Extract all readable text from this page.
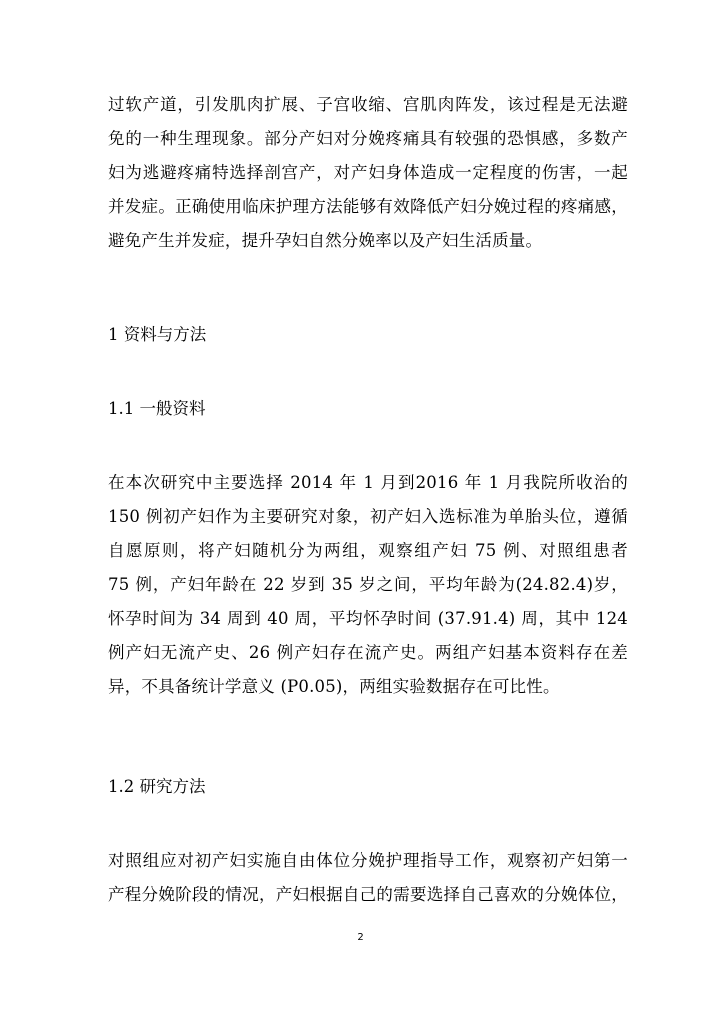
过软产道，引发肌肉扩展、子宫收缩、宫肌肉阵发，该过程是无法避
免的一种生理现象。部分产妇对分娩疼痛具有较强的恐惧感，多数产
妇为逃避疼痛特选择剖宫产，对产妇身体造成一定程度的伤害，一起
并发症。正确使用临床护理方法能够有效降低产妇分娩过程的疼痛感，
避免产生并发症，提升孕妇自然分娩率以及产妇生活质量。
1 资料与方法
1.1 一般资料
在本次研究中主要选择 2014 年 1 月到2016 年 1 月我院所收治的
150 例初产妇作为主要研究对象，初产妇入选标准为单胎头位，遵循
自愿原则，将产妇随机分为两组，观察组产妇 75 例、对照组患者
75 例，产妇年龄在 22 岁到 35 岁之间，平均年龄为(24.82.4)岁，
怀孕时间为 34 周到 40 周，平均怀孕时间 (37.91.4) 周，其中 124
例产妇无流产史、26 例产妇存在流产史。两组产妇基本资料存在差
异，不具备统计学意义 (P0.05)，两组实验数据存在可比性。
1.2 研究方法
对照组应对初产妇实施自由体位分娩护理指导工作，观察初产妇第一
产程分娩阶段的情况，产妇根据自己的需要选择自己喜欢的分娩体位，
2
